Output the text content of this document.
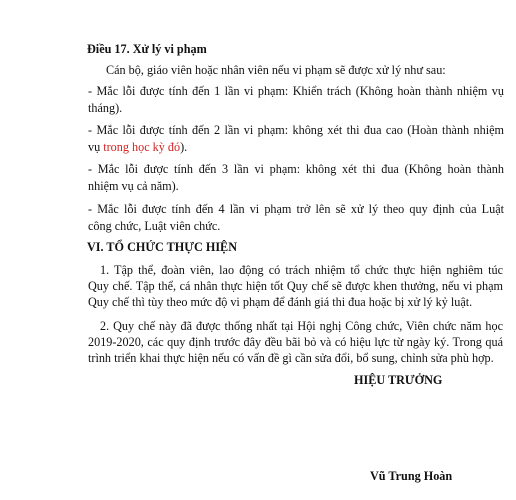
Điều 17. Xử lý vi phạm
Cán bộ, giáo viên hoặc nhân viên nếu vi phạm sẽ được xử lý như sau:
- Mắc lỗi được tính đến 1 lần vi phạm: Khiển trách (Không hoàn thành nhiệm vụ
tháng).
- Mắc lỗi được tính đến 2 lần vi phạm: không xét thi đua cao (Hoàn thành nhiệm
vụ trong học kỳ đó).
- Mắc lỗi được tính đến 3 lần vi phạm: không xét thi đua (Không hoàn thành
nhiệm vụ cả năm).
- Mắc lỗi được tính đến 4 lần vi phạm trở lên sẽ xử lý theo quy định của Luật
công chức, Luật viên chức.
VI. TỔ CHỨC THỰC HIỆN
1. Tập thể, đoàn viên, lao động có trách nhiệm tổ chức thực hiện nghiêm túc
Quy chế. Tập thể, cá nhân thực hiện tốt Quy chế sẽ được khen thưởng, nếu vi phạm
Quy chế thì tùy theo mức độ vi phạm để đánh giá thi đua hoặc bị xử lý kỷ luật.
2. Quy chế này đã được thống nhất tại Hội nghị Công chức, Viên chức năm học
2019-2020, các quy định trước đây đều bãi bỏ và có hiệu lực từ ngày ký. Trong quá
trình triển khai thực hiện nếu có vấn đề gì cần sửa đổi, bổ sung, chỉnh sửa phù hợp.
HIỆU TRƯỞNG
Vũ Trung Hoàn
